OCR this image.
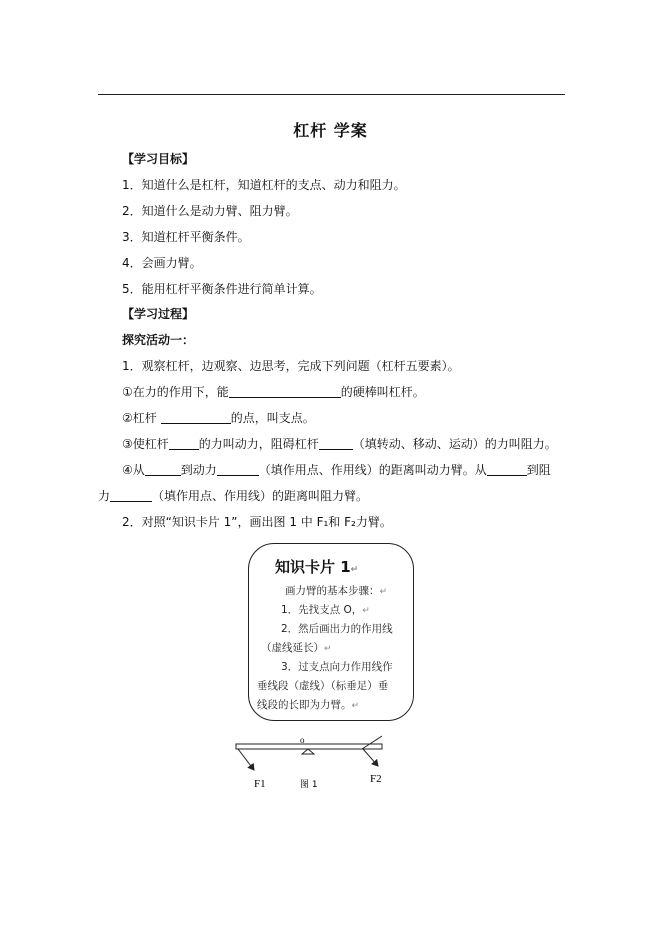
杠杆 学案
【学习目标】
1．知道什么是杠杆，知道杠杆的支点、动力和阻力。
2．知道什么是动力臂、阻力臂。
3．知道杠杆平衡条件。
4．会画力臂。
5．能用杠杆平衡条件进行简单计算。
【学习过程】
探究活动一：
1．观察杠杆，边观察、边思考，完成下列问题（杠杆五要素）。
①在力的作用下，能	的硬棒叫杠杆。
②杠杆	的点，叫支点。
③使杠杆	的力叫动力，阻碍杠杆	（填转动、移动、运动）的力叫阻力。
④从	到动力	（填作用点、作用线）的距离叫动力臂。从	到阻
力	（填作用点、作用线）的距离叫阻力臂。
2．对照“知识卡片 1”，画出图 1 中 F₁和 F₂力臂。
知识卡片 1↵
画力臂的基本步骤：↵
1．先找支点 O，↵
2．然后画出力的作用线
（虚线延长）↵
3．过支点向力作用线作
垂线段（虚线）（标垂足）垂
线段的长即为力臂。↵
o
F1	F2
图 1
